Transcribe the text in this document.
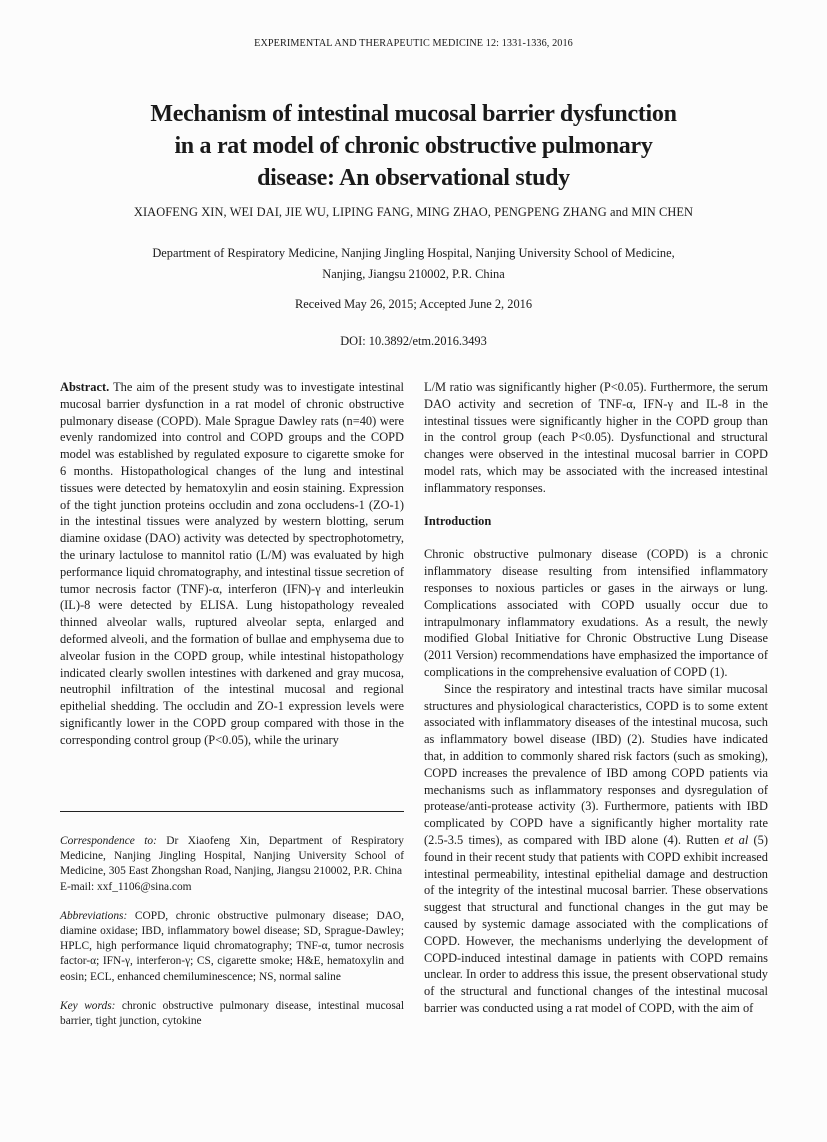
EXPERIMENTAL AND THERAPEUTIC MEDICINE 12: 1331-1336, 2016
Mechanism of intestinal mucosal barrier dysfunction
in a rat model of chronic obstructive pulmonary
disease: An observational study
XIAOFENG XIN, WEI DAI, JIE WU, LIPING FANG, MING ZHAO, PENGPENG ZHANG and MIN CHEN
Department of Respiratory Medicine, Nanjing Jingling Hospital, Nanjing University School of Medicine,
Nanjing, Jiangsu 210002, P.R. China
Received May 26, 2015; Accepted June 2, 2016
DOI: 10.3892/etm.2016.3493

Abstract. The aim of the present study was to investigate intestinal mucosal barrier dysfunction in a rat model of chronic obstructive pulmonary disease (COPD). Male Sprague Dawley rats (n=40) were evenly randomized into control and COPD groups and the COPD model was established by regulated exposure to cigarette smoke for 6 months. Histopathological changes of the lung and intestinal tissues were detected by hematoxylin and eosin staining. Expression of the tight junction proteins occludin and zona occludens-1 (ZO-1) in the intestinal tissues were analyzed by western blotting, serum diamine oxidase (DAO) activity was detected by spectrophotometry, the urinary lactulose to mannitol ratio (L/M) was evaluated by high performance liquid chromatography, and intestinal tissue secretion of tumor necrosis factor (TNF)-α, interferon (IFN)-γ and interleukin (IL)-8 were detected by ELISA. Lung histopathology revealed thinned alveolar walls, ruptured alveolar septa, enlarged and deformed alveoli, and the formation of bullae and emphysema due to alveolar fusion in the COPD group, while intestinal histopathology indicated clearly swollen intestines with darkened and gray mucosa, neutrophil infiltration of the intestinal mucosal and regional epithelial shedding. The occludin and ZO-1 expression levels were significantly lower in the COPD group compared with those in the corresponding control group (P<0.05), while the urinary

Correspondence to: Dr Xiaofeng Xin, Department of Respiratory Medicine, Nanjing Jingling Hospital, Nanjing University School of Medicine, 305 East Zhongshan Road, Nanjing, Jiangsu 210002, P.R. China
E-mail: xxf_1106@sina.com

Abbreviations: COPD, chronic obstructive pulmonary disease; DAO, diamine oxidase; IBD, inflammatory bowel disease; SD, Sprague-Dawley; HPLC, high performance liquid chromatography; TNF-α, tumor necrosis factor-α; IFN-γ, interferon-γ; CS, cigarette smoke; H&E, hematoxylin and eosin; ECL, enhanced chemiluminescence; NS, normal saline

Key words: chronic obstructive pulmonary disease, intestinal mucosal barrier, tight junction, cytokine

L/M ratio was significantly higher (P<0.05). Furthermore, the serum DAO activity and secretion of TNF-α, IFN-γ and IL-8 in the intestinal tissues were significantly higher in the COPD group than in the control group (each P<0.05). Dysfunctional and structural changes were observed in the intestinal mucosal barrier in COPD model rats, which may be associated with the increased intestinal inflammatory responses.

Introduction

Chronic obstructive pulmonary disease (COPD) is a chronic inflammatory disease resulting from intensified inflammatory responses to noxious particles or gases in the airways or lung. Complications associated with COPD usually occur due to intrapulmonary inflammatory exudations. As a result, the newly modified Global Initiative for Chronic Obstructive Lung Disease (2011 Version) recommendations have emphasized the importance of complications in the comprehensive evaluation of COPD (1).

Since the respiratory and intestinal tracts have similar mucosal structures and physiological characteristics, COPD is to some extent associated with inflammatory diseases of the intestinal mucosa, such as inflammatory bowel disease (IBD) (2). Studies have indicated that, in addition to commonly shared risk factors (such as smoking), COPD increases the prevalence of IBD among COPD patients via mechanisms such as inflammatory responses and dysregulation of protease/anti-protease activity (3). Furthermore, patients with IBD complicated by COPD have a significantly higher mortality rate (2.5-3.5 times), as compared with IBD alone (4). Rutten et al (5) found in their recent study that patients with COPD exhibit increased intestinal permeability, intestinal epithelial damage and destruction of the integrity of the intestinal mucosal barrier. These observations suggest that structural and functional changes in the gut may be caused by systemic damage associated with the complications of COPD. However, the mechanisms underlying the development of COPD-induced intestinal damage in patients with COPD remains unclear. In order to address this issue, the present observational study of the structural and functional changes of the intestinal mucosal barrier was conducted using a rat model of COPD, with the aim of
